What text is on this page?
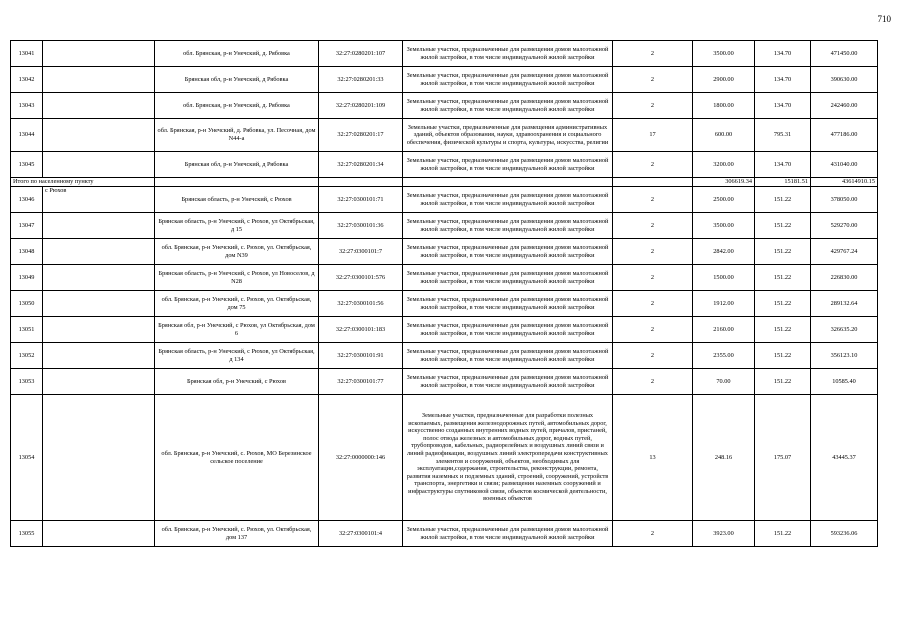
710
13041		обл. Брянская, р-н Унечский, д. Рябовка	32:27:0280201:107	Земельные участки, предназначенные для размещения домов малоэтажной жилой застройки, в том числе индивидуальной жилой застройки	2	3500.00	134.70	471450.00
13042		Брянская обл, р-н Унечский, д Рябовка	32:27:0280201:33	Земельные участки, предназначенные для размещения домов малоэтажной жилой застройки, в том числе индивидуальной жилой застройки	2	2900.00	134.70	390630.00
13043		обл. Брянская, р-н Унечский, д. Рябовка	32:27:0280201:109	Земельные участки, предназначенные для размещения домов малоэтажной жилой застройки, в том числе индивидуальной жилой застройки	2	1800.00	134.70	242460.00
13044		обл. Брянская, р-н Унечский, д. Рябовка, ул. Песочная, дом N44-а	32:27:0280201:17	Земельные участки, предназначенные для размещения административных зданий, объектов образования, науки, здравоохранения и социального обеспечения, физической культуры и спорта, культуры, искусства, религии	17	600.00	795.31	477186.00
13045		Брянская обл, р-н Унечский, д Рябовка	32:27:0280201:34	Земельные участки, предназначенные для размещения домов малоэтажной жилой застройки, в том числе индивидуальной жилой застройки	2	3200.00	134.70	431040.00
Итого по населенному пункту						306619.34	15181.51	43614910.15
13046	с Рюхов	Брянская область, р-н Унечский, с Рюхов	32:27:0300101:71	Земельные участки, предназначенные для размещения домов малоэтажной жилой застройки, в том числе индивидуальной жилой застройки	2	2500.00	151.22	378050.00
13047		Брянская область, р-н Унечский, с Рюхов, ул Октябрьская, д 15	32:27:0300101:36	Земельные участки, предназначенные для размещения домов малоэтажной жилой застройки, в том числе индивидуальной жилой застройки	2	3500.00	151.22	529270.00
13048		обл. Брянская, р-н Унечский, с. Рюхов, ул. Октябрьская, дом N39	32:27:0300101:7	Земельные участки, предназначенные для размещения домов малоэтажной жилой застройки, в том числе индивидуальной жилой застройки	2	2842.00	151.22	429767.24
13049		Брянская область, р-н Унечский, с Рюхов, ул Новоселов, д N28	32:27:0300101:576	Земельные участки, предназначенные для размещения домов малоэтажной жилой застройки, в том числе индивидуальной жилой застройки	2	1500.00	151.22	226830.00
13050		обл. Брянская, р-н Унечский, с. Рюхов, ул. Октябрьская, дом 75	32:27:0300101:56	Земельные участки, предназначенные для размещения домов малоэтажной жилой застройки, в том числе индивидуальной жилой застройки	2	1912.00	151.22	289132.64
13051		Брянская обл, р-н Унечский, с Рюхов, ул Октябрьская, дом 6	32:27:0300101:183	Земельные участки, предназначенные для размещения домов малоэтажной жилой застройки, в том числе индивидуальной жилой застройки	2	2160.00	151.22	326635.20
13052		Брянская область, р-н Унечский, с Рюхов, ул Октябрьская, д 134	32:27:0300101:91	Земельные участки, предназначенные для размещения домов малоэтажной жилой застройки, в том числе индивидуальной жилой застройки	2	2355.00	151.22	356123.10
13053		Брянская обл, р-н Унечский, с Рюхов	32:27:0300101:77	Земельные участки, предназначенные для размещения домов малоэтажной жилой застройки, в том числе индивидуальной жилой застройки	2	70.00	151.22	10585.40
13054		обл. Брянская, р-н Унечский, с. Рюхов, МО Березинское сельское поселение	32:27:0000000:146	Земельные участки, предназначенные для разработки полезных ископаемых, размещения железнодорожных путей, автомобильных дорог, искусственно созданных внутренних водных путей, причалов, пристаней, полос отвода железных и автомобильных дорог, водных путей, трубопроводов, кабельных, радиорелейных и воздушных линий связи и линий радиофикации, воздушных линий электропередачи конструктивных элементов и сооружений, объектов, необходимых для эксплуатации,содержания, строительства, реконструкции, ремонта, развития наземных и подземных зданий, строений, сооружений, устройств транспорта, энергетики и связи; размещения наземных сооружений и инфраструктуры спутниковой связи, объектов космической деятельности, военных объектов	13	248.16	175.07	43445.37
13055		обл. Брянская, р-н Унечский, с. Рюхов, ул. Октябрьская, дом 137	32:27:0300101:4	Земельные участки, предназначенные для размещения домов малоэтажной жилой застройки, в том числе индивидуальной жилой застройки	2	3923.00	151.22	593236.06
